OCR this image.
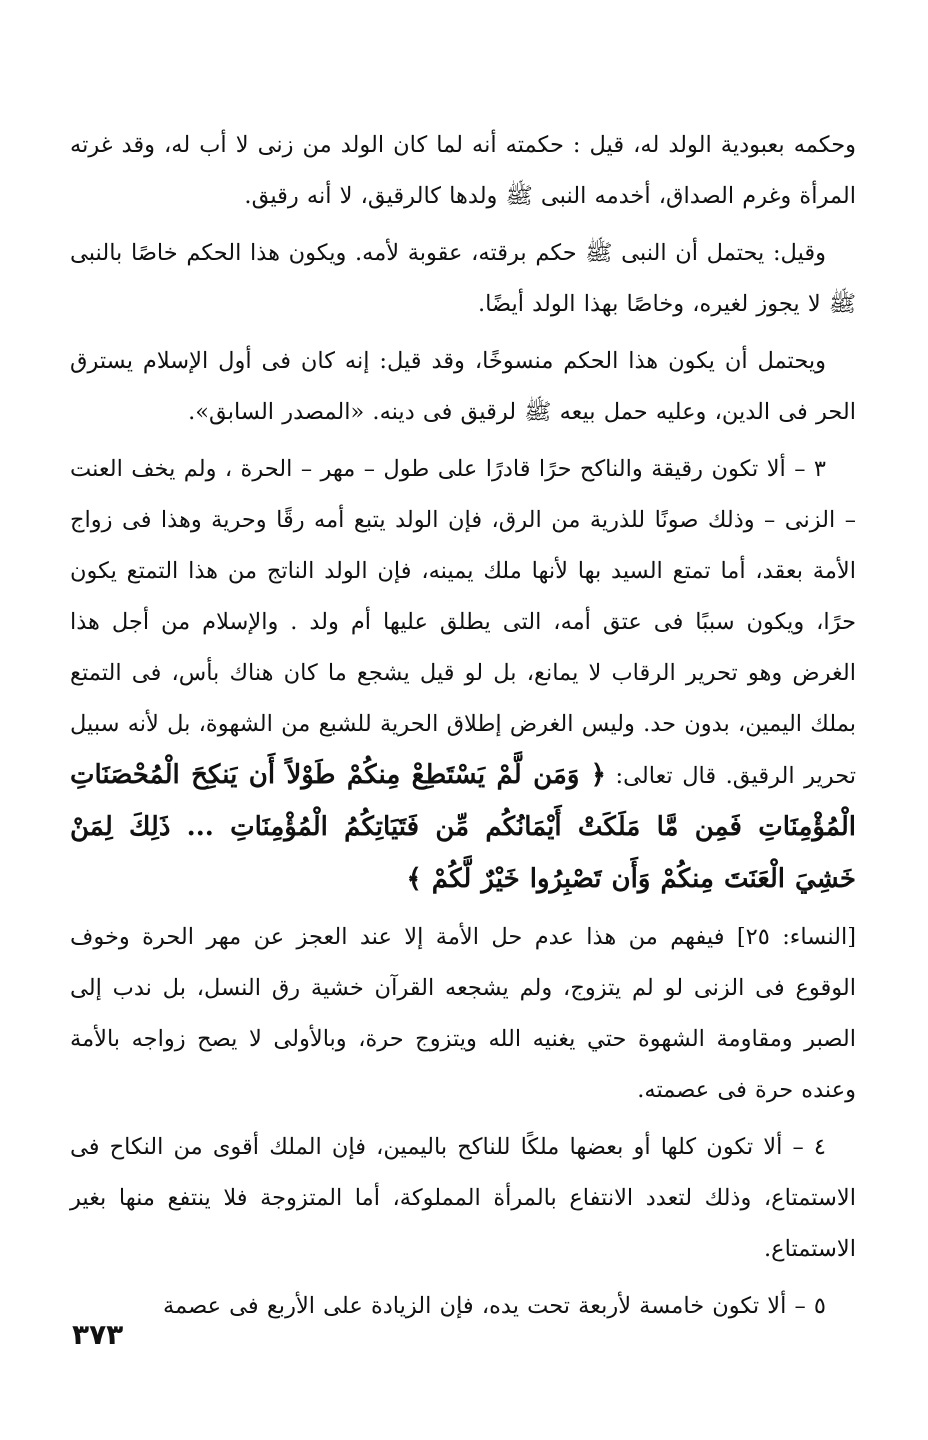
وحكمه بعبودية الولد له، قيل : حكمته أنه لما كان الولد من زنى لا أب له، وقد غرته المرأة وغرم الصداق، أخدمه النبى ﷺ ولدها كالرقيق، لا أنه رقيق.

وقيل: يحتمل أن النبى ﷺ حكم برقته، عقوبة لأمه. ويكون هذا الحكم خاصًا بالنبى ﷺ لا يجوز لغيره، وخاصًا بهذا الولد أيضًا.

ويحتمل أن يكون هذا الحكم منسوخًا، وقد قيل: إنه كان فى أول الإسلام يسترق الحر فى الدين، وعليه حمل بيعه ﷺ لرقيق فى دينه. «المصدر السابق».

٣ – ألا تكون رقيقة والناكح حرًا قادرًا على طول – مهر – الحرة ، ولم يخف العنت – الزنى – وذلك صونًا للذرية من الرق، فإن الولد يتبع أمه رقًا وحرية وهذا فى زواج الأمة بعقد، أما تمتع السيد بها لأنها ملك يمينه، فإن الولد الناتج من هذا التمتع يكون حرًا، ويكون سببًا فى عتق أمه، التى يطلق عليها أم ولد . والإسلام من أجل هذا الغرض وهو تحرير الرقاب لا يمانع، بل لو قيل يشجع ما كان هناك بأس، فى التمتع بملك اليمين، بدون حد. وليس الغرض إطلاق الحرية للشبع من الشهوة، بل لأنه سبيل تحرير الرقيق. قال تعالى: ﴿ وَمَن لَّمْ يَسْتَطِعْ مِنكُمْ طَوْلاً أَن يَنكِحَ الْمُحْصَنَاتِ الْمُؤْمِنَاتِ فَمِن مَّا مَلَكَتْ أَيْمَانُكُم مِّن فَتَيَاتِكُمُ الْمُؤْمِنَاتِ ... ذَلِكَ لِمَنْ خَشِيَ الْعَنَتَ مِنكُمْ وَأَن تَصْبِرُوا خَيْرٌ لَّكُمْ ﴾

[النساء: ٢٥] فيفهم من هذا عدم حل الأمة إلا عند العجز عن مهر الحرة وخوف الوقوع فى الزنى لو لم يتزوج، ولم يشجعه القرآن خشية رق النسل، بل ندب إلى الصبر ومقاومة الشهوة حتي يغنيه الله ويتزوج حرة، وبالأولى لا يصح زواجه بالأمة وعنده حرة فى عصمته.

٤ – ألا تكون كلها أو بعضها ملكًا للناكح باليمين، فإن الملك أقوى من النكاح فى الاستمتاع، وذلك لتعدد الانتفاع بالمرأة المملوكة، أما المتزوجة فلا ينتفع منها بغير الاستمتاع.

٥ – ألا تكون خامسة لأربعة تحت يده، فإن الزيادة على الأربع فى عصمة

٣٧٣
